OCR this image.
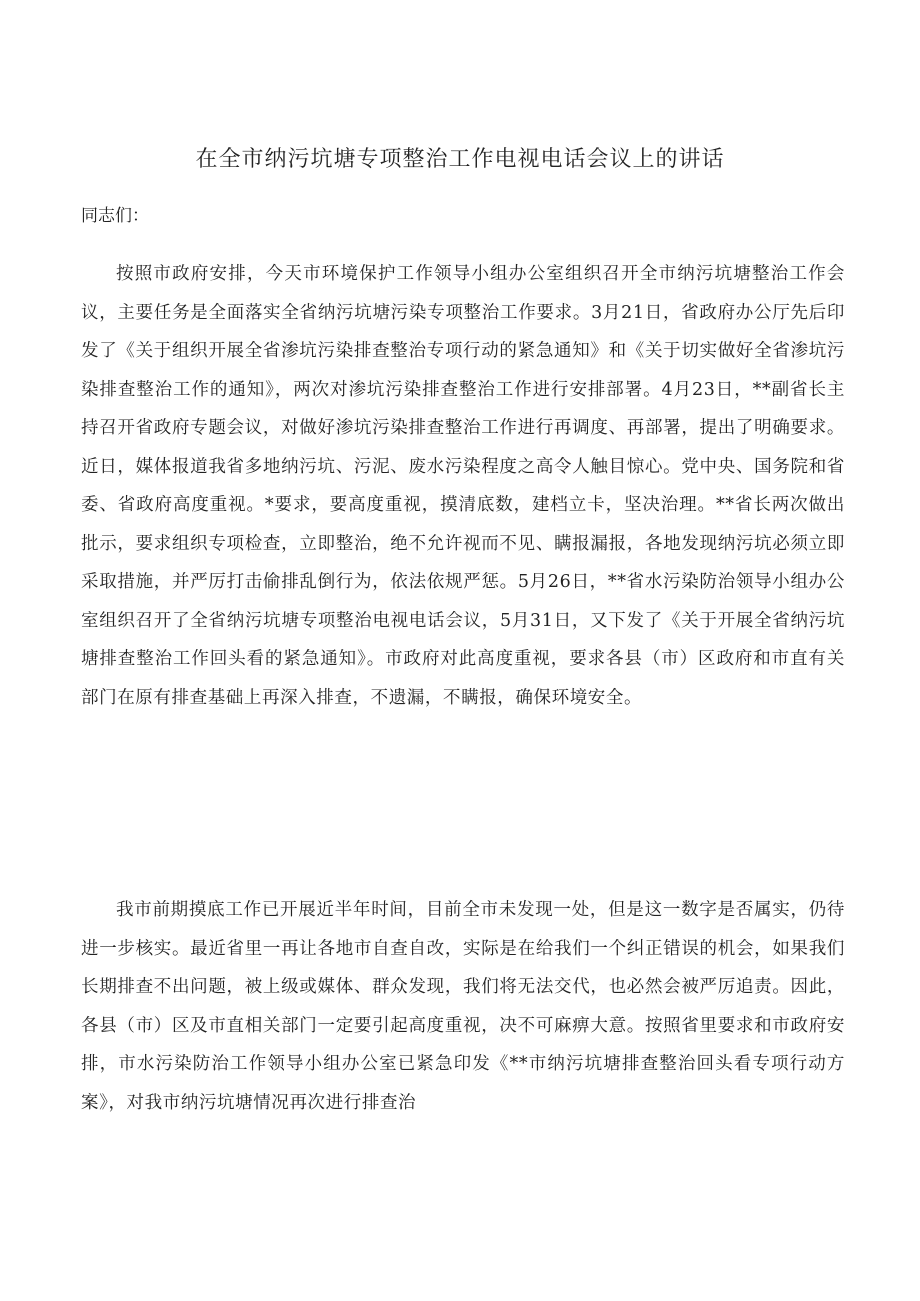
在全市纳污坑塘专项整治工作电视电话会议上的讲话

同志们：

按照市政府安排，今天市环境保护工作领导小组办公室组织召开全市纳污坑塘整治工作会议，主要任务是全面落实全省纳污坑塘污染专项整治工作要求。3月21日，省政府办公厅先后印发了《关于组织开展全省渗坑污染排查整治专项行动的紧急通知》和《关于切实做好全省渗坑污染排查整治工作的通知》，两次对渗坑污染排查整治工作进行安排部署。4月23日，**副省长主持召开省政府专题会议，对做好渗坑污染排查整治工作进行再调度、再部署，提出了明确要求。近日，媒体报道我省多地纳污坑、污泥、废水污染程度之高令人触目惊心。党中央、国务院和省委、省政府高度重视。*要求，要高度重视，摸清底数，建档立卡，坚决治理。**省长两次做出批示，要求组织专项检查，立即整治，绝不允许视而不见、瞒报漏报，各地发现纳污坑必须立即采取措施，并严厉打击偷排乱倒行为，依法依规严惩。5月26日，**省水污染防治领导小组办公室组织召开了全省纳污坑塘专项整治电视电话会议，5月31日，又下发了《关于开展全省纳污坑塘排查整治工作回头看的紧急通知》。市政府对此高度重视，要求各县（市）区政府和市直有关部门在原有排查基础上再深入排查，不遗漏，不瞒报，确保环境安全。

我市前期摸底工作已开展近半年时间，目前全市未发现一处，但是这一数字是否属实，仍待进一步核实。最近省里一再让各地市自查自改，实际是在给我们一个纠正错误的机会，如果我们长期排查不出问题，被上级或媒体、群众发现，我们将无法交代，也必然会被严厉追责。因此，各县（市）区及市直相关部门一定要引起高度重视，决不可麻痹大意。按照省里要求和市政府安排，市水污染防治工作领导小组办公室已紧急印发《**市纳污坑塘排查整治回头看专项行动方案》，对我市纳污坑塘情况再次进行排查治
